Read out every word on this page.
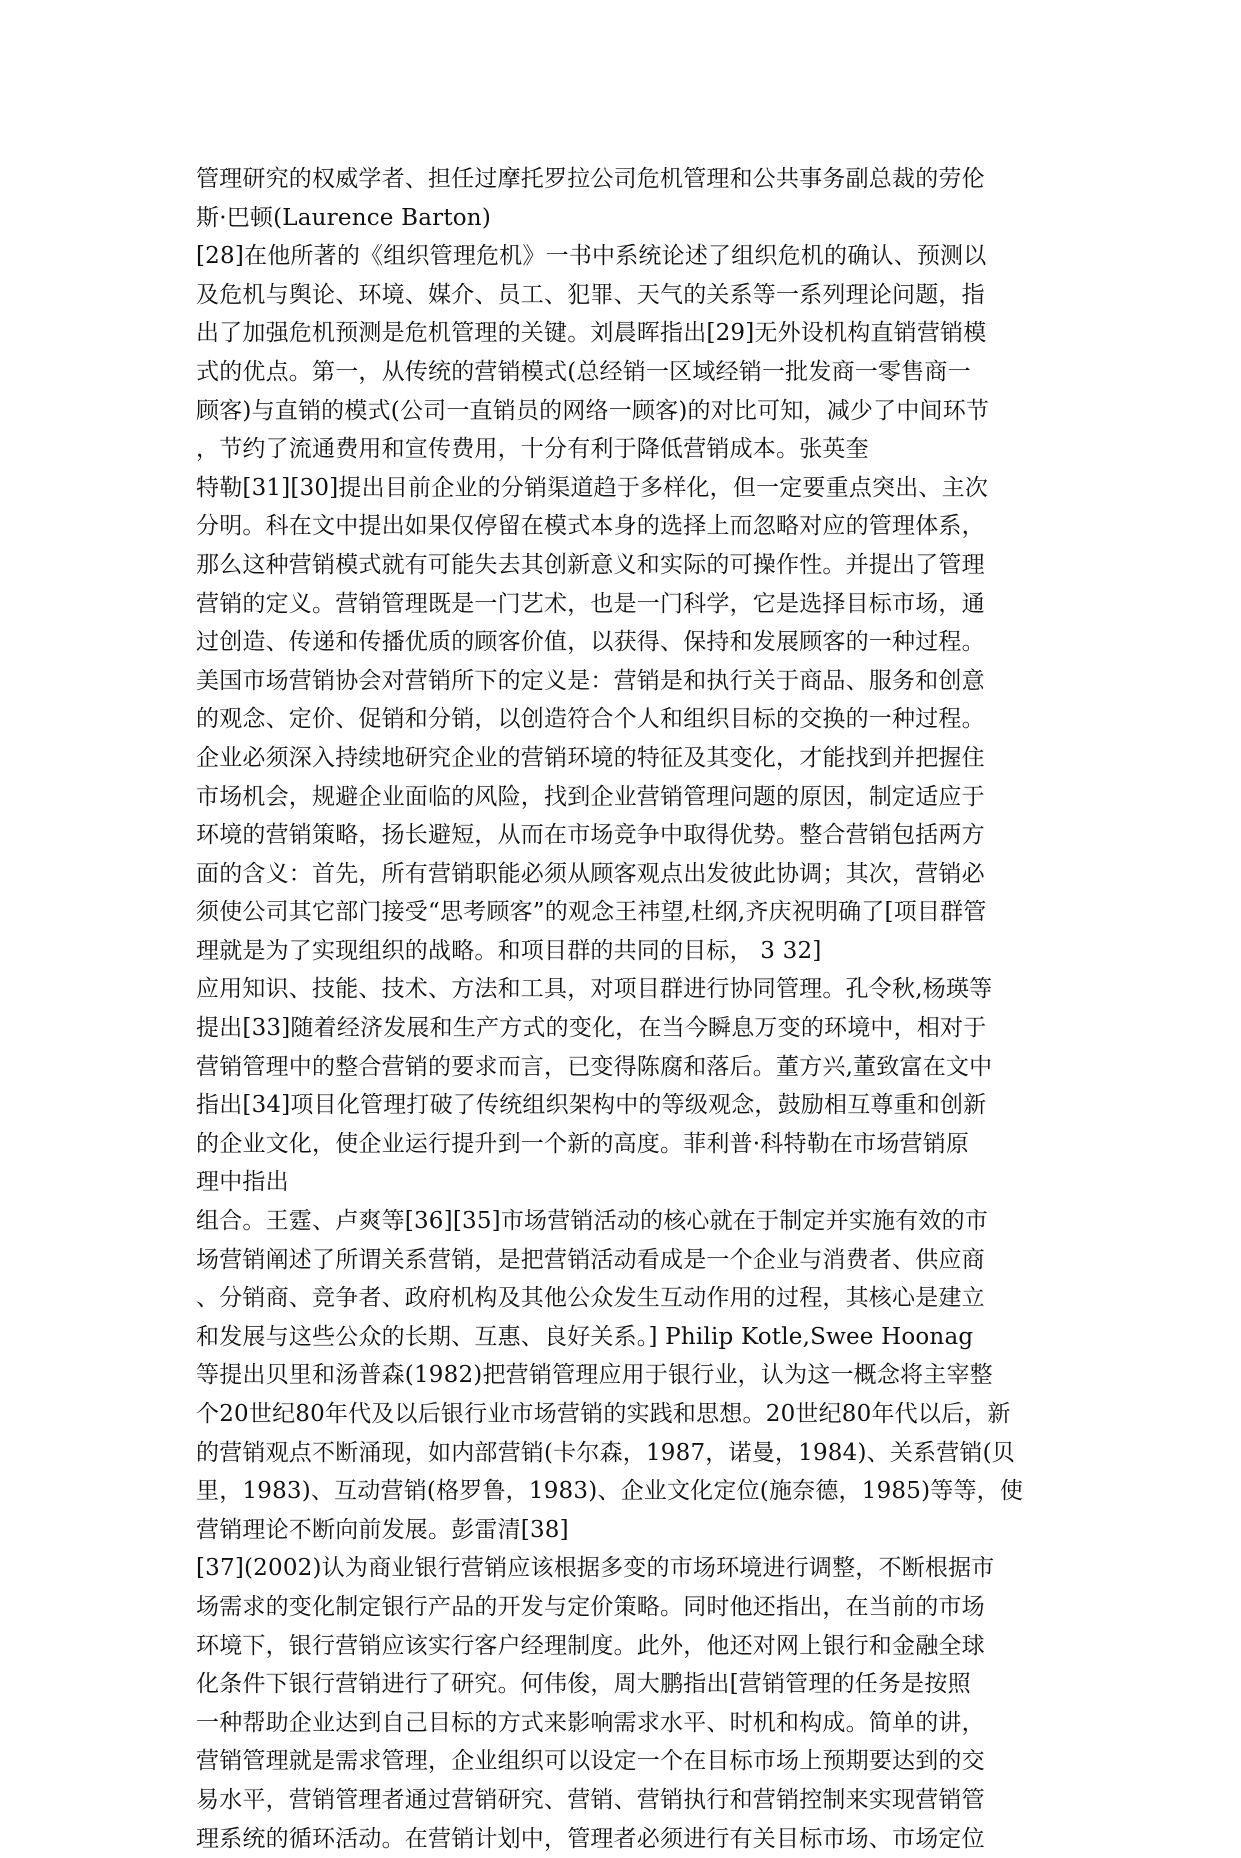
管理研究的权威学者、担任过摩托罗拉公司危机管理和公共事务副总裁的劳伦
斯·巴顿(Laurence Barton)
[28]在他所著的《组织管理危机》一书中系统论述了组织危机的确认、预测以
及危机与舆论、环境、媒介、员工、犯罪、天气的关系等一系列理论问题，指
出了加强危机预测是危机管理的关键。刘晨晖指出[29]无外设机构直销营销模
式的优点。第一，从传统的营销模式(总经销一区域经销一批发商一零售商一
顾客)与直销的模式(公司一直销员的网络一顾客)的对比可知，减少了中间环节
，节约了流通费用和宣传费用，十分有利于降低营销成本。张英奎
特勒[31][30]提出目前企业的分销渠道趋于多样化，但一定要重点突出、主次
分明。科在文中提出如果仅停留在模式本身的选择上而忽略对应的管理体系，
那么这种营销模式就有可能失去其创新意义和实际的可操作性。并提出了管理
营销的定义。营销管理既是一门艺术，也是一门科学，它是选择目标市场，通
过创造、传递和传播优质的顾客价值，以获得、保持和发展顾客的一种过程。
美国市场营销协会对营销所下的定义是：营销是和执行关于商品、服务和创意
的观念、定价、促销和分销，以创造符合个人和组织目标的交换的一种过程。
企业必须深入持续地研究企业的营销环境的特征及其变化，才能找到并把握住
市场机会，规避企业面临的风险，找到企业营销管理问题的原因，制定适应于
环境的营销策略，扬长避短，从而在市场竞争中取得优势。整合营销包括两方
面的含义：首先，所有营销职能必须从顾客观点出发彼此协调；其次，营销必
须使公司其它部门接受“思考顾客”的观念王祎望,杜纲,齐庆祝明确了[项目群管
理就是为了实现组织的战略。和项目群的共同的目标， 3 32]
应用知识、技能、技术、方法和工具，对项目群进行协同管理。孔令秋,杨瑛等
提出[33]随着经济发展和生产方式的变化，在当今瞬息万变的环境中，相对于
营销管理中的整合营销的要求而言，已变得陈腐和落后。董方兴,董致富在文中
指出[34]项目化管理打破了传统组织架构中的等级观念，鼓励相互尊重和创新
的企业文化，使企业运行提升到一个新的高度。菲利普·科特勒在市场营销原
理中指出
组合。王霆、卢爽等[36][35]市场营销活动的核心就在于制定并实施有效的市
场营销阐述了所谓关系营销，是把营销活动看成是一个企业与消费者、供应商
、分销商、竞争者、政府机构及其他公众发生互动作用的过程，其核心是建立
和发展与这些公众的长期、互惠、良好关系。] Philip Kotle,Swee Hoonag
等提出贝里和汤普森(1982)把营销管理应用于银行业，认为这一概念将主宰整
个20世纪80年代及以后银行业市场营销的实践和思想。20世纪80年代以后，新
的营销观点不断涌现，如内部营销(卡尔森，1987，诺曼，1984)、关系营销(贝
里，1983)、互动营销(格罗鲁，1983)、企业文化定位(施奈德，1985)等等，使
营销理论不断向前发展。彭雷清[38]
[37](2002)认为商业银行营销应该根据多变的市场环境进行调整，不断根据市
场需求的变化制定银行产品的开发与定价策略。同时他还指出，在当前的市场
环境下，银行营销应该实行客户经理制度。此外，他还对网上银行和金融全球
化条件下银行营销进行了研究。何伟俊，周大鹏指出[营销管理的任务是按照
一种帮助企业达到自己目标的方式来影响需求水平、时机和构成。简单的讲，
营销管理就是需求管理，企业组织可以设定一个在目标市场上预期要达到的交
易水平，营销管理者通过营销研究、营销、营销执行和营销控制来实现营销管
理系统的循环活动。在营销计划中，管理者必须进行有关目标市场、市场定位
